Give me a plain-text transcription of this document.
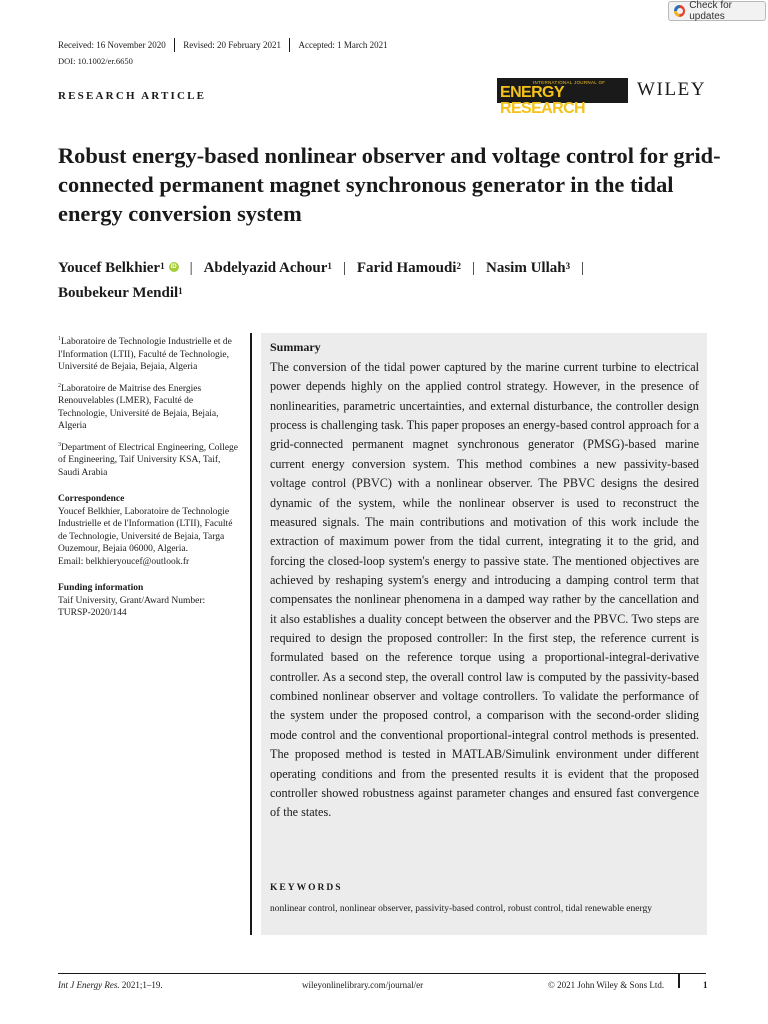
Check for updates
Received: 16 November 2020	Revised: 20 February 2021	Accepted: 1 March 2021
DOI: 10.1002/er.6650
RESEARCH ARTICLE
INTERNATIONAL JOURNAL OF
ENERGY RESEARCH
WILEY
Robust energy-based nonlinear observer and voltage control for grid-connected permanent magnet synchronous generator in the tidal energy conversion system
Youcef Belkhier$^1$ iD | Abdelyazid Achour$^1$ | Farid Hamoudi$^2$ | Nasim Ullah$^3$ |
Boubekeur Mendil$^1$
$^1$Laboratoire de Technologie Industrielle et de l'Information (LTII), Faculté de Technologie, Université de Bejaia, Bejaia, Algeria
$^2$Laboratoire de Maitrise des Energies Renouvelables (LMER), Faculté de Technologie, Université de Bejaia, Bejaia, Algeria
$^3$Department of Electrical Engineering, College of Engineering, Taif University KSA, Taif, Saudi Arabia
Correspondence
Youcef Belkhier, Laboratoire de Technologie Industrielle et de l'Information (LTII), Faculté de Technologie, Université de Bejaia, Targa Ouzemour, Bejaia 06000, Algeria.
Email: belkhieryoucef@outlook.fr
Funding information
Taif University, Grant/Award Number: TURSP-2020/144
Summary

The conversion of the tidal power captured by the marine current turbine to electrical power depends highly on the applied control strategy. However, in the presence of nonlinearities, parametric uncertainties, and external disturbance, the controller design process is challenging task. This paper proposes an energy-based control approach for a grid-connected permanent magnet synchronous generator (PMSG)-based marine current energy conversion system. This method combines a new passivity-based voltage control (PBVC) with a nonlinear observer. The PBVC designs the desired dynamic of the system, while the nonlinear observer is used to reconstruct the measured signals. The main contributions and motivation of this work include the extraction of maximum power from the tidal current, integrating it to the grid, and forcing the closed-loop system's energy to passive state. The mentioned objectives are achieved by reshaping system's energy and introducing a damping control term that compensates the nonlinear phenomena in a damped way rather by the cancellation and it also establishes a duality concept between the observer and the PBVC. Two steps are required to design the proposed controller: In the first step, the reference current is formulated based on the reference torque using a proportional-integral-derivative controller. As a second step, the overall control law is computed by the passivity-based combined nonlinear observer and voltage controllers. To validate the performance of the system under the proposed control, a comparison with the second-order sliding mode control and the conventional proportional-integral control methods is presented. The proposed method is tested in MATLAB/Simulink environment under different operating conditions and from the presented results it is evident that the proposed controller showed robustness against parameter changes and ensured fast convergence of the states.

KEYWORDS
nonlinear control, nonlinear observer, passivity-based control, robust control, tidal renewable energy
Int J Energy Res. 2021;1–19.	wileyonlinelibrary.com/journal/er	© 2021 John Wiley & Sons Ltd.	1
